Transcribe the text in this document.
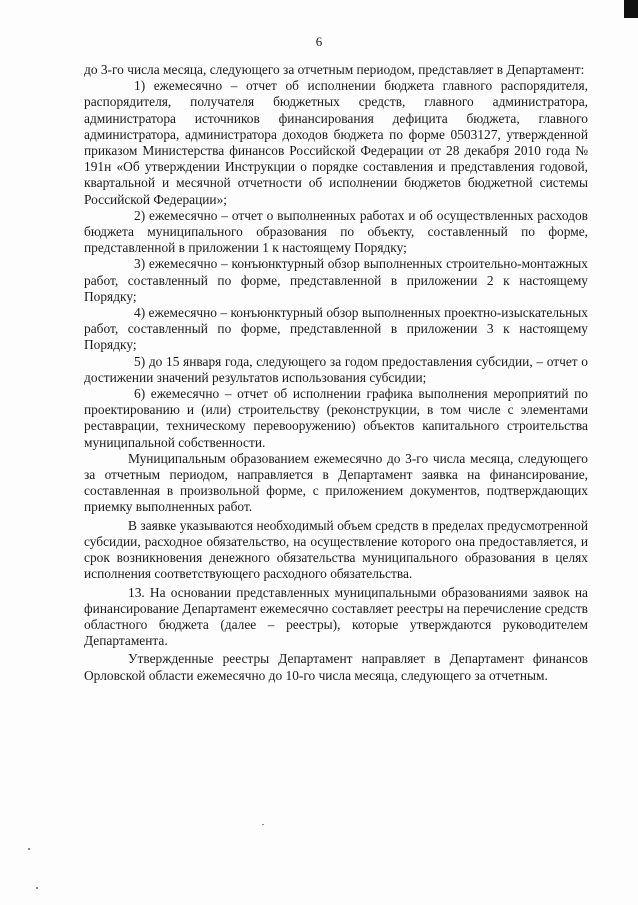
6

до 3-го числа месяца, следующего за отчетным периодом, представляет в Департамент:

1) ежемесячно – отчет об исполнении бюджета главного распорядителя, распорядителя, получателя бюджетных средств, главного администратора, администратора источников финансирования дефицита бюджета, главного администратора, администратора доходов бюджета по форме 0503127, утвержденной приказом Министерства финансов Российской Федерации от 28 декабря 2010 года № 191н «Об утверждении Инструкции о порядке составления и представления годовой, квартальной и месячной отчетности об исполнении бюджетов бюджетной системы Российской Федерации»;

2) ежемесячно – отчет о выполненных работах и об осуществленных расходов бюджета муниципального образования по объекту, составленный по форме, представленной в приложении 1 к настоящему Порядку;

3) ежемесячно – конъюнктурный обзор выполненных строительно-монтажных работ, составленный по форме, представленной в приложении 2 к настоящему Порядку;

4) ежемесячно – конъюнктурный обзор выполненных проектно-изыскательных работ, составленный по форме, представленной в приложении 3 к настоящему Порядку;

5) до 15 января года, следующего за годом предоставления субсидии, – отчет о достижении значений результатов использования субсидии;

6) ежемесячно – отчет об исполнении графика выполнения мероприятий по проектированию и (или) строительству (реконструкции, в том числе с элементами реставрации, техническому перевооружению) объектов капитального строительства муниципальной собственности.

Муниципальным образованием ежемесячно до 3-го числа месяца, следующего за отчетным периодом, направляется в Департамент заявка на финансирование, составленная в произвольной форме, с приложением документов, подтверждающих приемку выполненных работ.

В заявке указываются необходимый объем средств в пределах предусмотренной субсидии, расходное обязательство, на осуществление которого она предоставляется, и срок возникновения денежного обязательства муниципального образования в целях исполнения соответствующего расходного обязательства.

13. На основании представленных муниципальными образованиями заявок на финансирование Департамент ежемесячно составляет реестры на перечисление средств областного бюджета (далее – реестры), которые утверждаются руководителем Департамента.

Утвержденные реестры Департамент направляет в Департамент финансов Орловской области ежемесячно до 10-го числа месяца, следующего за отчетным.
